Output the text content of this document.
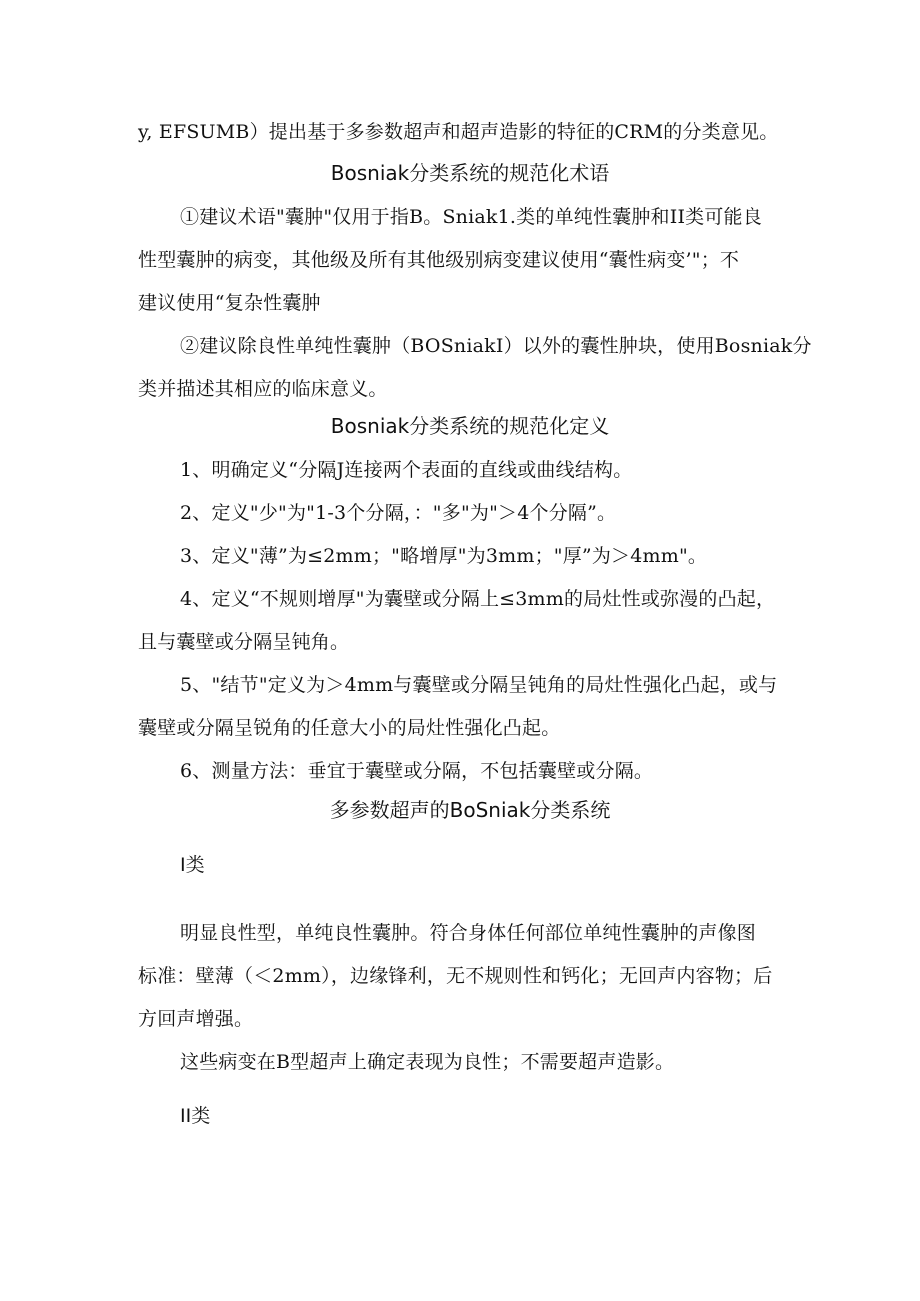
y, EFSUMB）提出基于多参数超声和超声造影的特征的CRM的分类意见。
Bosniak分类系统的规范化术语
①建议术语"囊肿"仅用于指B。Sniak1.类的单纯性囊肿和II类可能良
性型囊肿的病变，其他级及所有其他级别病变建议使用“囊性病变’"；不
建议使用“复杂性囊肿
②建议除良性单纯性囊肿（BOSniakI）以外的囊性肿块，使用Bosniak分
类并描述其相应的临床意义。
Bosniak分类系统的规范化定义
1、明确定义“分隔J连接两个表面的直线或曲线结构。
2、定义"少"为"1-3个分隔，："多"为"＞4个分隔”。
3、定义"薄”为≤2mm；"略增厚"为3mm；"厚”为＞4mm"。
4、定义“不规则增厚"为囊壁或分隔上≤3mm的局灶性或弥漫的凸起，
且与囊壁或分隔呈钝角。
5、"结节"定义为＞4mm与囊壁或分隔呈钝角的局灶性强化凸起，或与
囊壁或分隔呈锐角的任意大小的局灶性强化凸起。
6、测量方法：垂宜于囊壁或分隔，不包括囊壁或分隔。
多参数超声的BoSniak分类系统
I类
明显良性型，单纯良性囊肿。符合身体任何部位单纯性囊肿的声像图
标准：壁薄（＜2mm），边缘锋利，无不规则性和钙化；无回声内容物；后
方回声增强。
这些病变在B型超声上确定表现为良性；不需要超声造影。
II类
